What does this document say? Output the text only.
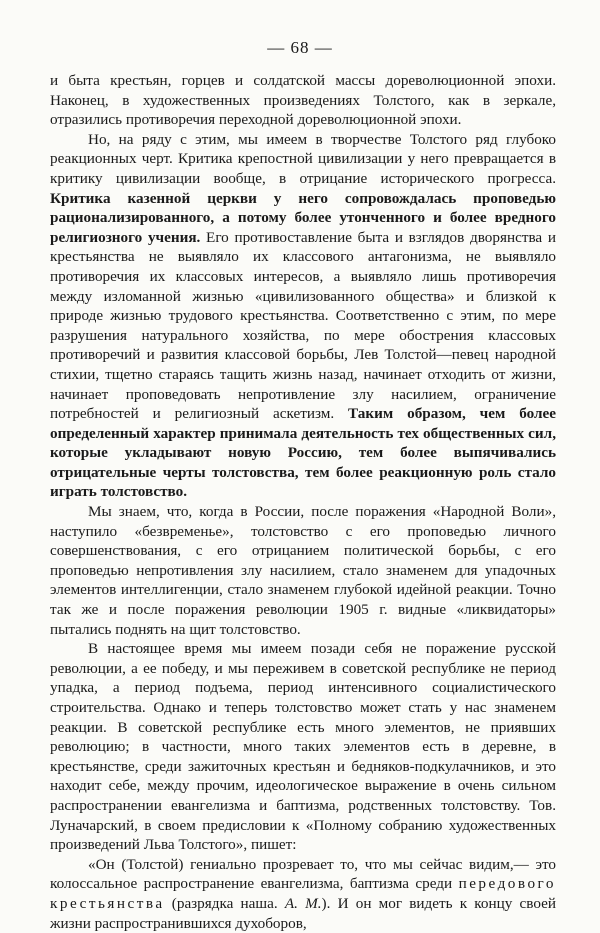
— 68 —

и быта крестьян, горцев и солдатской массы дореволюционной эпохи. Наконец, в художественных произведениях Толстого, как в зеркале, отразились противоречия переходной дореволюционной эпохи.

Но, на ряду с этим, мы имеем в творчестве Толстого ряд глубоко реакционных черт. Критика крепостной цивилизации у него превращается в критику цивилизации вообще, в отрицание исторического прогресса. Критика казенной церкви у него сопровождалась проповедью рационализированного, а потому более утонченного и более вредного религиозного учения. Его противоставление быта и взглядов дворянства и крестьянства не выявляло их классового антагонизма, не выявляло противоречия их классовых интересов, а выявляло лишь противоречия между изломанной жизнью «цивилизованного общества» и близкой к природе жизнью трудового крестьянства. Соответственно с этим, по мере разрушения натурального хозяйства, по мере обострения классовых противоречий и развития классовой борьбы, Лев Толстой—певец народной стихии, тщетно стараясь тащить жизнь назад, начинает отходить от жизни, начинает проповедовать непротивление злу насилием, ограничение потребностей и религиозный аскетизм. Таким образом, чем более определенный характер принимала деятельность тех общественных сил, которые укладывают новую Россию, тем более выпячивались отрицательные черты толстовства, тем более реакционную роль стало играть толстовство.

Мы знаем, что, когда в России, после поражения «Народной Воли», наступило «безвременье», толстовство с его проповедью личного совершенствования, с его отрицанием политической борьбы, с его проповедью непротивления злу насилием, стало знаменем для упадочных элементов интеллигенции, стало знаменем глубокой идейной реакции. Точно так же и после поражения революции 1905 г. видные «ликвидаторы» пытались поднять на щит толстовство.

В настоящее время мы имеем позади себя не поражение русской революции, а ее победу, и мы переживем в советской республике не период упадка, а период подъема, период интенсивного социалистического строительства. Однако и теперь толстовство может стать у нас знаменем реакции. В советской республике есть много элементов, не приявших революцию; в частности, много таких элементов есть в деревне, в крестьянстве, среди зажиточных крестьян и бедняков-подкулачников, и это находит себе, между прочим, идеологическое выражение в очень сильном распространении евангелизма и баптизма, родственных толстовству. Тов. Луначарский, в своем предисловии к «Полному собранию художественных произведений Льва Толстого», пишет:

«Он (Толстой) гениально прозревает то, что мы сейчас видим,— это колоссальное распространение евангелизма, баптизма среди передового крестьянства (разрядка наша. А. М.). И он мог видеть к концу своей жизни распространившихся духоборов,
